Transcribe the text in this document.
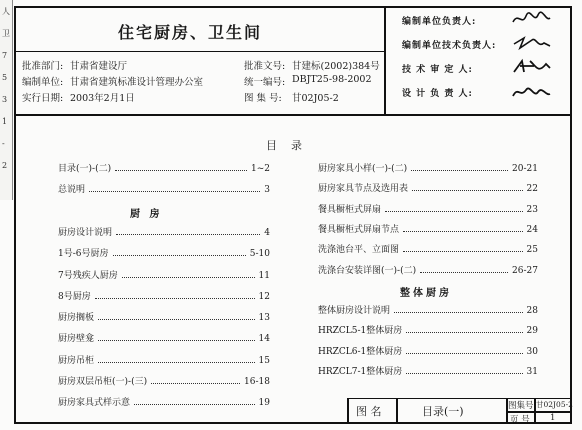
人
卫
7
5
3
1
-
2
住宅厨房、卫生间
批准部门: 甘肃省建设厅
编制单位: 甘肃省建筑标准设计管理办公室
实行日期: 2003年2月1日
批准文号: 甘建标(2002)384号
统一编号: DBJT25-98-2002
图 集 号: 甘02J05-2
编制单位负责人:
编制单位技术负责人:
技 术 审 定 人:
设 计 负 责 人:
目录
图 名	目录(一)	图集号 甘02J05-2
页 号 1
目录(一)-(二)	1~2
总说明	3
厨 房
厨房设计说明	4
1号-6号厨房	5-10
7号残疾人厨房	11
8号厨房	12
厨房搁板	13
厨房壁龛	14
厨房吊柜	15
厨房双层吊柜(一)-(三)	16-18
厨房家具式样示意	19
厨房家具小样(一)-(二)	20-21
厨房家具节点及选用表	22
餐具橱柜式屏扇	23
餐具橱柜式屏扇节点	24
洗涤池台平、立面图	25
洗涤台安装详图(一)-(二)	26-27
整体厨房
整体厨房设计说明	28
HRZCL5-1整体厨房	29
HRZCL6-1整体厨房	30
HRZCL7-1整体厨房	31
